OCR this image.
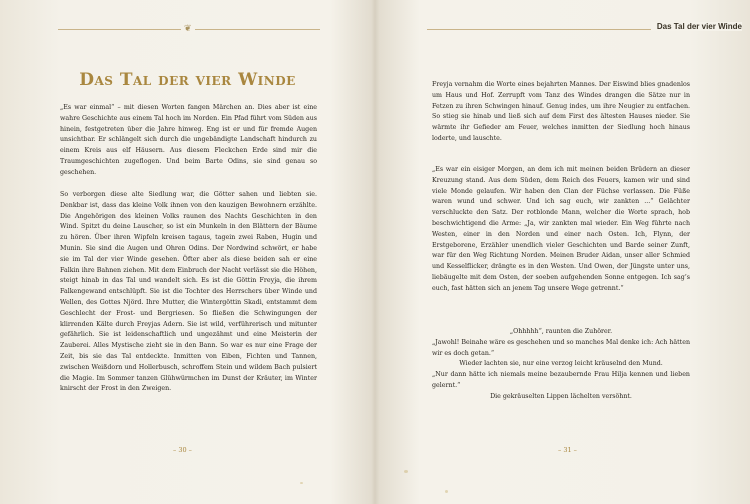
❦
Das Tal der vier Winde

„Es war einmal“ – mit diesen Worten fangen Märchen an. Dies aber ist eine wahre Geschichte aus einem Tal hoch im Norden. Ein Pfad führt vom Süden aus hinein, festgetreten über die Jahre hinweg. Eng ist er und für fremde Augen unsichtbar. Er schlängelt sich durch die ungebändigte Landschaft hindurch zu einem Kreis aus elf Häusern. Aus diesem Fleckchen Erde sind mir die Traumgeschichten zugeflogen. Und beim Barte Odins, sie sind genau so geschehen.

So verborgen diese alte Siedlung war, die Götter sahen und liebten sie. Denkbar ist, dass das kleine Volk ihnen von den kauzigen Bewohnern erzählte. Die Angehörigen des kleinen Volks raunen des Nachts Geschichten in den Wind. Spitzt du deine Lauscher, so ist ein Munkeln in den Blättern der Bäume zu hören. Über ihren Wipfeln kreisen tagaus, tagein zwei Raben, Hugin und Munin. Sie sind die Augen und Ohren Odins. Der Nordwind schwört, er habe sie im Tal der vier Winde gesehen. Öfter aber als diese beiden sah er eine Falkin ihre Bahnen ziehen. Mit dem Einbruch der Nacht verlässt sie die Höhen, steigt hinab in das Tal und wandelt sich. Es ist die Göttin Freyja, die ihrem Falkengewand entschlüpft. Sie ist die Tochter des Herrschers über Winde und Wellen, des Gottes Njörd. Ihre Mutter, die Wintergöttin Skadi, entstammt dem Geschlecht der Frost- und Bergriesen. So fließen die Schwingungen der klirrenden Kälte durch Freyjas Adern. Sie ist wild, verführerisch und mitunter gefährlich. Sie ist leidenschaftlich und ungezähmt und eine Meisterin der Zauberei. Alles Mystische zieht sie in den Bann. So war es nur eine Frage der Zeit, bis sie das Tal entdeckte. Inmitten von Eiben, Fichten und Tannen, zwischen Weißdorn und Hollerbusch, schroffem Stein und wildem Bach pulsiert die Magie. Im Sommer tanzen Glühwürmchen im Dunst der Kräuter, im Winter knirscht der Frost in den Zweigen.

– 30 –
Das Tal der vier Winde

Freyja vernahm die Worte eines bejahrten Mannes. Der Eiswind blies gnadenlos um Haus und Hof. Zerrupft vom Tanz des Windes drangen die Sätze nur in Fetzen zu ihren Schwingen hinauf. Genug indes, um ihre Neugier zu entfachen. So stieg sie hinab und ließ sich auf dem First des ältesten Hauses nieder. Sie wärmte ihr Gefieder am Feuer, welches inmitten der Siedlung hoch hinaus loderte, und lauschte.

„Es war ein eisiger Morgen, an dem ich mit meinen beiden Brüdern an dieser Kreuzung stand. Aus dem Süden, dem Reich des Feuers, kamen wir und sind viele Monde gelaufen. Wir haben den Clan der Füchse verlassen. Die Füße waren wund und schwer. Und ich sag euch, wir zankten ...“ Gelächter verschluckte den Satz. Der rotblonde Mann, welcher die Worte sprach, hob beschwichtigend die Arme: „Ja, wir zankten mal wieder. Ein Weg führte nach Westen, einer in den Norden und einer nach Osten. Ich, Flynn, der Erstgeborene, Erzähler unendlich vieler Geschichten und Barde seiner Zunft, war für den Weg Richtung Norden. Meinen Bruder Aidan, unser aller Schmied und Kesselflicker, drängte es in den Westen. Und Owen, der Jüngste unter uns, liebäugelte mit dem Osten, der soeben aufgehenden Sonne entgegen. Ich sag’s euch, fast hätten sich an jenem Tag unsere Wege getrennt.“

„Ohhhhh“, raunten die Zuhörer.

„Jawohl! Beinahe wäre es geschehen und so manches Mal denke ich: Ach hätten wir es doch getan.“

Wieder lachten sie, nur eine verzog leicht kräuselnd den Mund.

„Nur dann hätte ich niemals meine bezaubernde Frau Hilja kennen und lieben gelernt.“

Die gekräuselten Lippen lächelten versöhnt.

– 31 –
